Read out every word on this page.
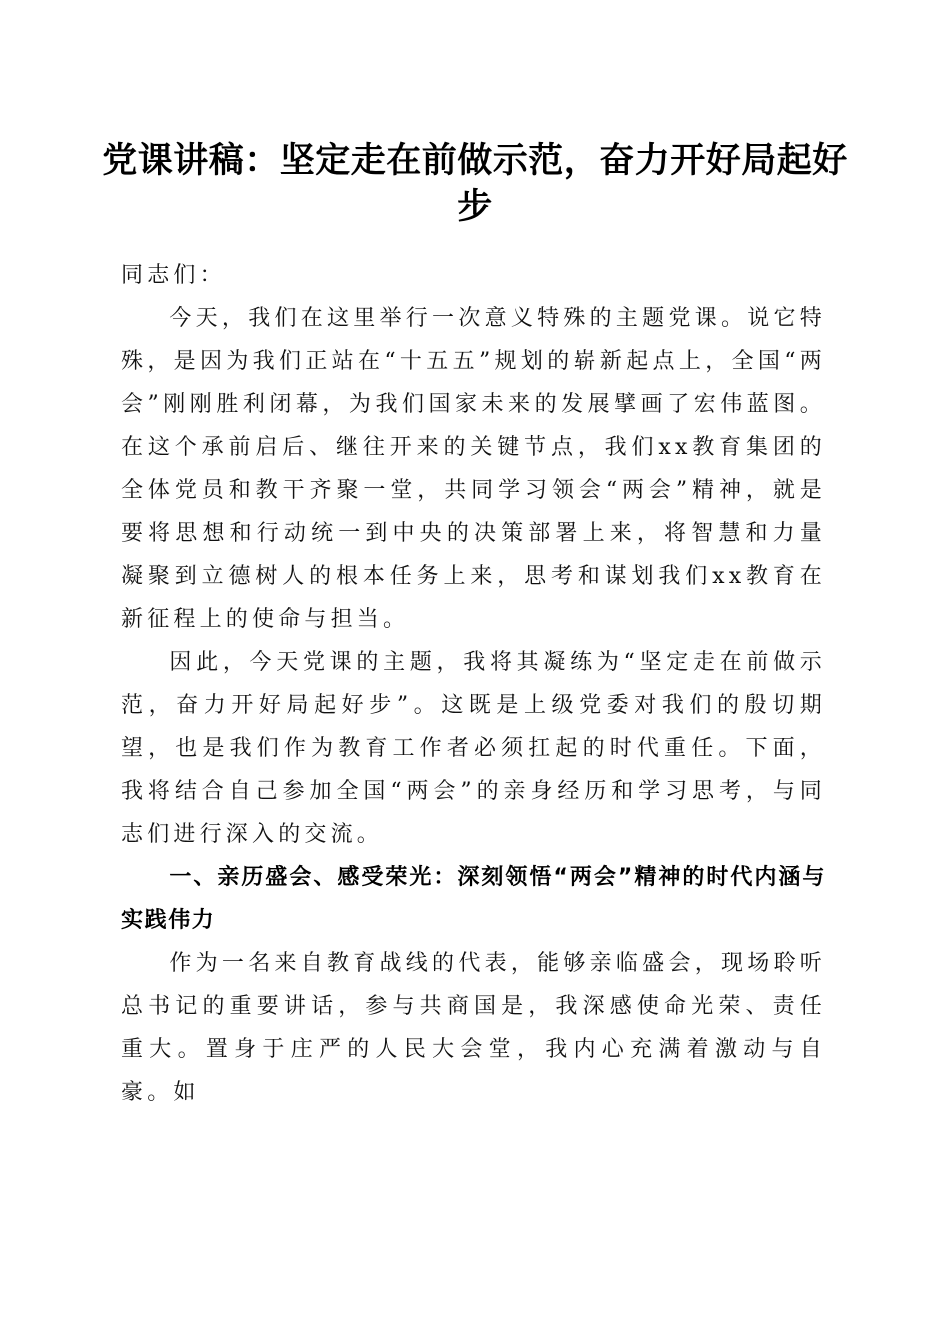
党课讲稿：坚定走在前做示范，奋力开好局起好步

同志们：

今天，我们在这里举行一次意义特殊的主题党课。说它特殊，是因为我们正站在“十五五”规划的崭新起点上，全国“两会”刚刚胜利闭幕，为我们国家未来的发展擘画了宏伟蓝图。在这个承前启后、继往开来的关键节点，我们xx教育集团的全体党员和教干齐聚一堂，共同学习领会“两会”精神，就是要将思想和行动统一到中央的决策部署上来，将智慧和力量凝聚到立德树人的根本任务上来，思考和谋划我们xx教育在新征程上的使命与担当。

因此，今天党课的主题，我将其凝练为“坚定走在前做示范，奋力开好局起好步”。这既是上级党委对我们的殷切期望，也是我们作为教育工作者必须扛起的时代重任。下面，我将结合自己参加全国“两会”的亲身经历和学习思考，与同志们进行深入的交流。

一、亲历盛会、感受荣光：深刻领悟“两会”精神的时代内涵与实践伟力

作为一名来自教育战线的代表，能够亲临盛会，现场聆听总书记的重要讲话，参与共商国是，我深感使命光荣、责任重大。置身于庄严的人民大会堂，我内心充满着激动与自豪。如
